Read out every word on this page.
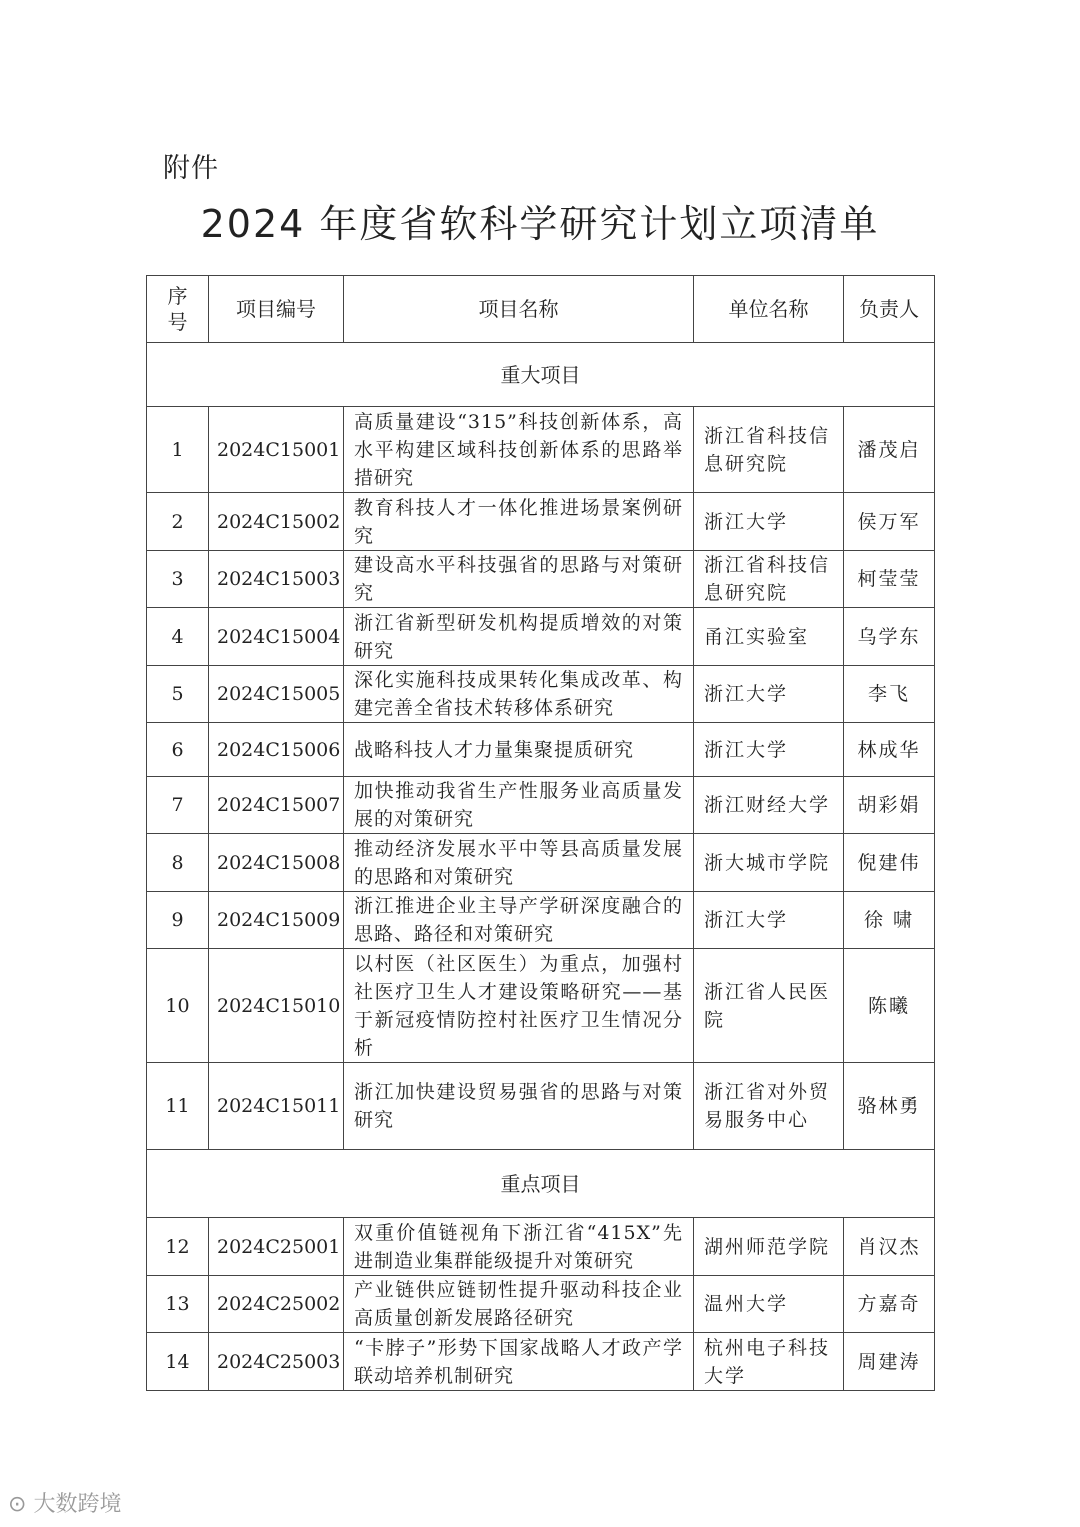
附件
2024 年度省软科学研究计划立项清单
序号	项目编号	项目名称	单位名称	负责人
重大项目				
1	2024C15001	高质量建设“315”科技创新体系，高水平构建区域科技创新体系的思路举措研究	浙江省科技信息研究院	潘茂启
2	2024C15002	教育科技人才一体化推进场景案例研究	浙江大学	侯万军
3	2024C15003	建设高水平科技强省的思路与对策研究	浙江省科技信息研究院	柯莹莹
4	2024C15004	浙江省新型研发机构提质增效的对策研究	甬江实验室	乌学东
5	2024C15005	深化实施科技成果转化集成改革、构建完善全省技术转移体系研究	浙江大学	李飞
6	2024C15006	战略科技人才力量集聚提质研究	浙江大学	林成华
7	2024C15007	加快推动我省生产性服务业高质量发展的对策研究	浙江财经大学	胡彩娟
8	2024C15008	推动经济发展水平中等县高质量发展的思路和对策研究	浙大城市学院	倪建伟
9	2024C15009	浙江推进企业主导产学研深度融合的思路、路径和对策研究	浙江大学	徐 啸
10	2024C15010	以村医（社区医生）为重点，加强村社医疗卫生人才建设策略研究——基于新冠疫情防控村社医疗卫生情况分析	浙江省人民医院	陈曦
11	2024C15011	浙江加快建设贸易强省的思路与对策研究	浙江省对外贸易服务中心	骆林勇
重点项目				
12	2024C25001	双重价值链视角下浙江省“415X”先进制造业集群能级提升对策研究	湖州师范学院	肖汉杰
13	2024C25002	产业链供应链韧性提升驱动科技企业高质量创新发展路径研究	温州大学	方嘉奇
14	2024C25003	“卡脖子”形势下国家战略人才政产学联动培养机制研究	杭州电子科技大学	周建涛
⊙ 大数跨境
